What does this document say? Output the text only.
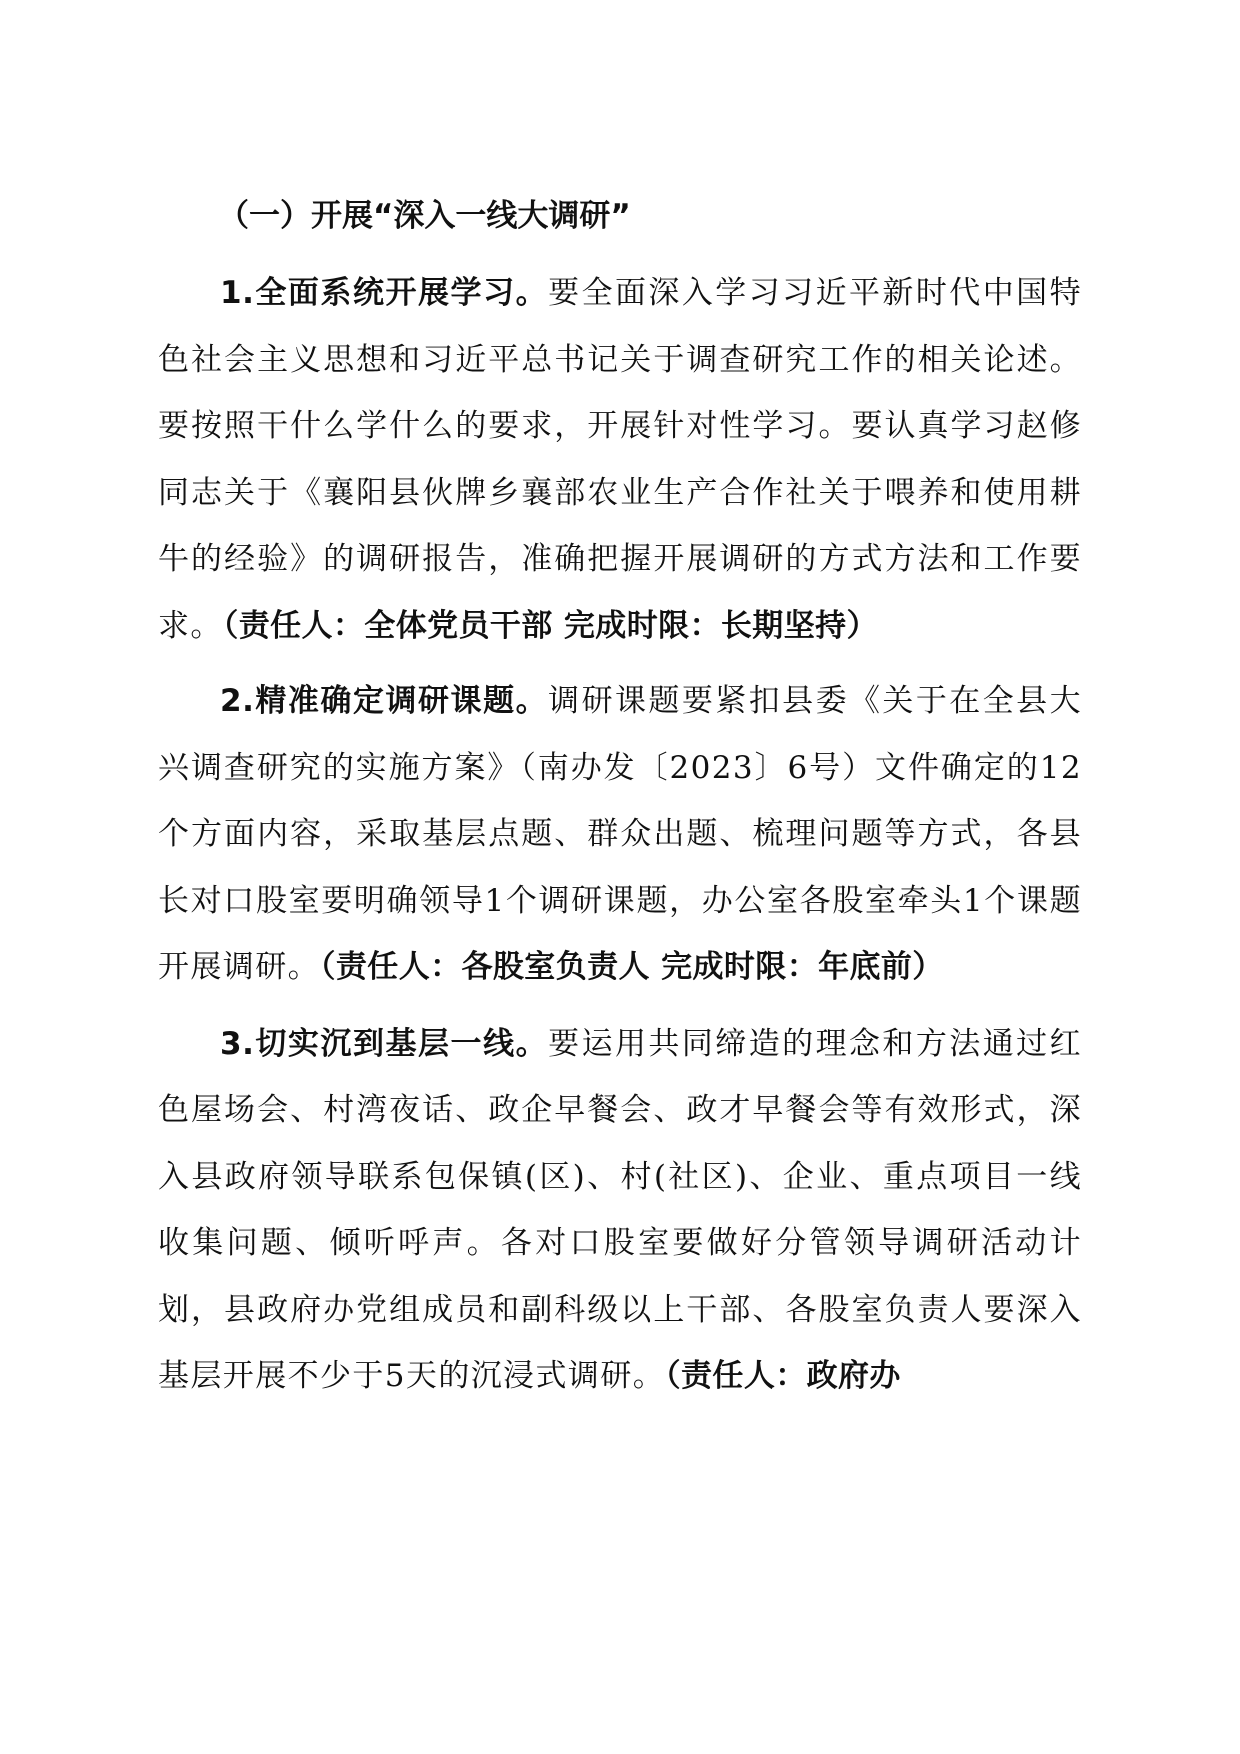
（一）开展“深入一线大调研”

1.全面系统开展学习。要全面深入学习习近平新时代中国特色社会主义思想和习近平总书记关于调查研究工作的相关论述。要按照干什么学什么的要求，开展针对性学习。要认真学习赵修同志关于《襄阳县伙牌乡襄部农业生产合作社关于喂养和使用耕牛的经验》的调研报告，准确把握开展调研的方式方法和工作要求。（责任人：全体党员干部 完成时限：长期坚持）

2.精准确定调研课题。调研课题要紧扣县委《关于在全县大兴调查研究的实施方案》（南办发〔2023〕6号）文件确定的12个方面内容，采取基层点题、群众出题、梳理问题等方式，各县长对口股室要明确领导1个调研课题，办公室各股室牵头1个课题开展调研。（责任人：各股室负责人 完成时限：年底前）

3.切实沉到基层一线。要运用共同缔造的理念和方法通过红色屋场会、村湾夜话、政企早餐会、政才早餐会等有效形式，深入县政府领导联系包保镇(区)、村(社区)、企业、重点项目一线收集问题、倾听呼声。各对口股室要做好分管领导调研活动计划，县政府办党组成员和副科级以上干部、各股室负责人要深入基层开展不少于5天的沉浸式调研。（责任人：政府办
